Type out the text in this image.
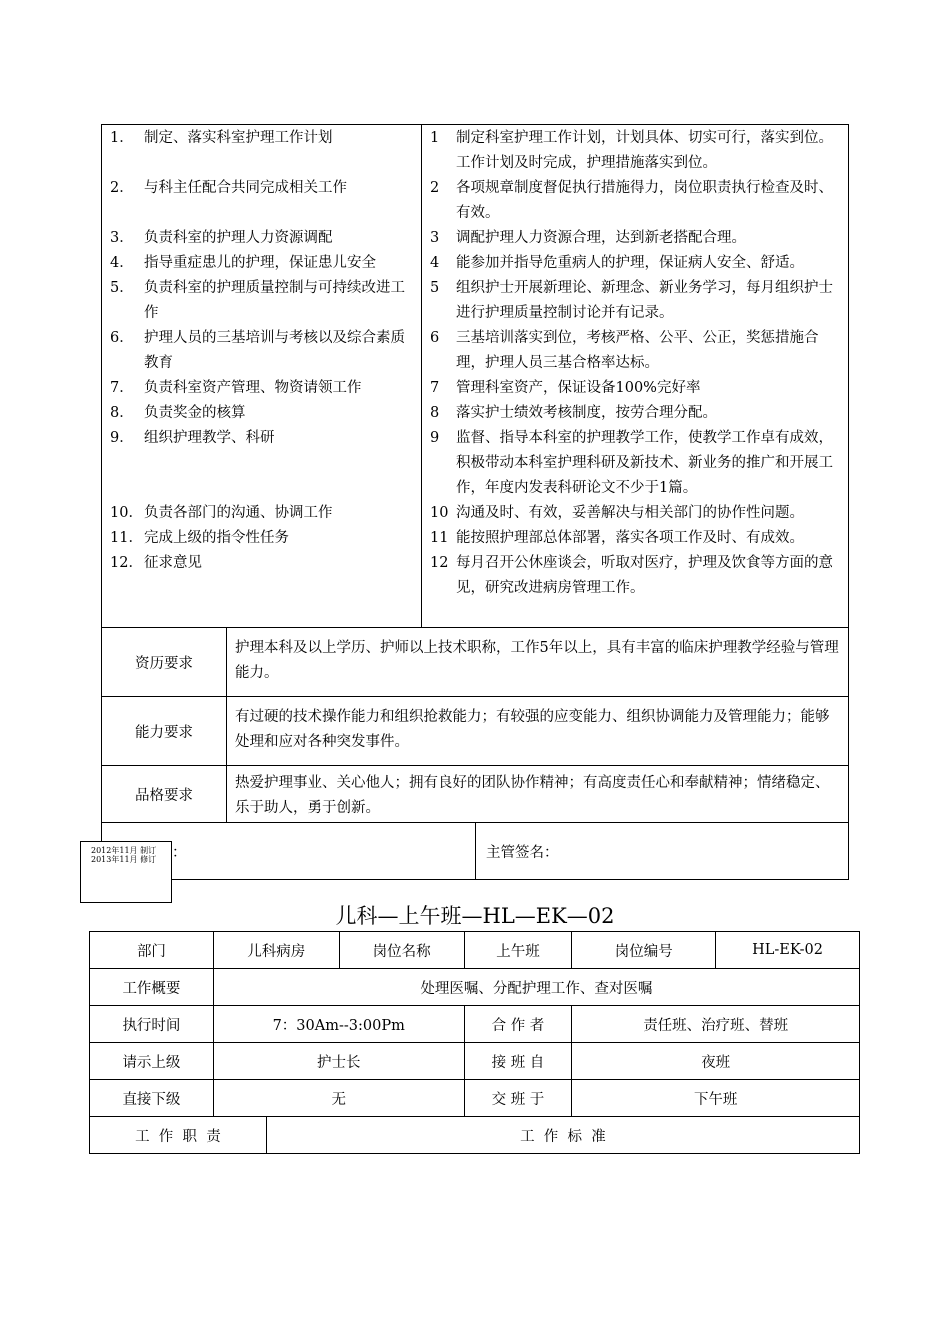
1． 制定、落实科室护理工作计划
2． 与科主任配合共同完成相关工作
3． 负责科室的护理人力资源调配
4． 指导重症患儿的护理，保证患儿安全
5． 负责科室的护理质量控制与可持续改进工作
6． 护理人员的三基培训与考核以及综合素质教育
7． 负责科室资产管理、物资请领工作
8． 负责奖金的核算
9． 组织护理教学、科研
10． 负责各部门的沟通、协调工作
11． 完成上级的指令性任务
12． 征求意见
1	制定科室护理工作计划，计划具体、切实可行，落实到位。工作计划及时完成，护理措施落实到位。
2	各项规章制度督促执行措施得力，岗位职责执行检查及时、有效。
3	调配护理人力资源合理，达到新老搭配合理。
4	能参加并指导危重病人的护理，保证病人安全、舒适。
5	组织护士开展新理论、新理念、新业务学习，每月组织护士进行护理质量控制讨论并有记录。
6	三基培训落实到位，考核严格、公平、公正，奖惩措施合理，护理人员三基合格率达标。
7	管理科室资产，保证设备100%完好率
8	落实护士绩效考核制度，按劳合理分配。
9	监督、指导本科室的护理教学工作，使教学工作卓有成效，积极带动本科室护理科研及新技术、新业务的推广和开展工作，年度内发表科研论文不少于1篇。
10 沟通及时、有效，妥善解决与相关部门的协作性问题。
11 能按照护理部总体部署，落实各项工作及时、有成效。
12 每月召开公休座谈会，听取对医疗，护理及饮食等方面的意见，研究改进病房管理工作。
资历要求
护理本科及以上学历、护师以上技术职称，工作5年以上，具有丰富的临床护理教学经验与管理能力。
能力要求
有过硬的技术操作能力和组织抢救能力；有较强的应变能力、组织协调能力及管理能力；能够处理和应对各种突发事件。
品格要求
热爱护理事业、关心他人；拥有良好的团队协作精神；有高度责任心和奉献精神；情绪稳定、乐于助人，勇于创新。
：	主管签名：
2012年11月 制订
2013年11月 修订
儿科—上午班—HL—EK—02
部门	儿科病房		岗位名称	上午班	岗位编号	HL-EK-02
工作概要	处理医嘱、分配护理工作、查对医嘱					
执行时间	7：30Am--3:00Pm			合 作 者	责任班、治疗班、替班	
请示上级	护士长			接 班 自	夜班	
直接下级	无			交 班 于	下午班	
工  作  职  责		工  作  标  准				
